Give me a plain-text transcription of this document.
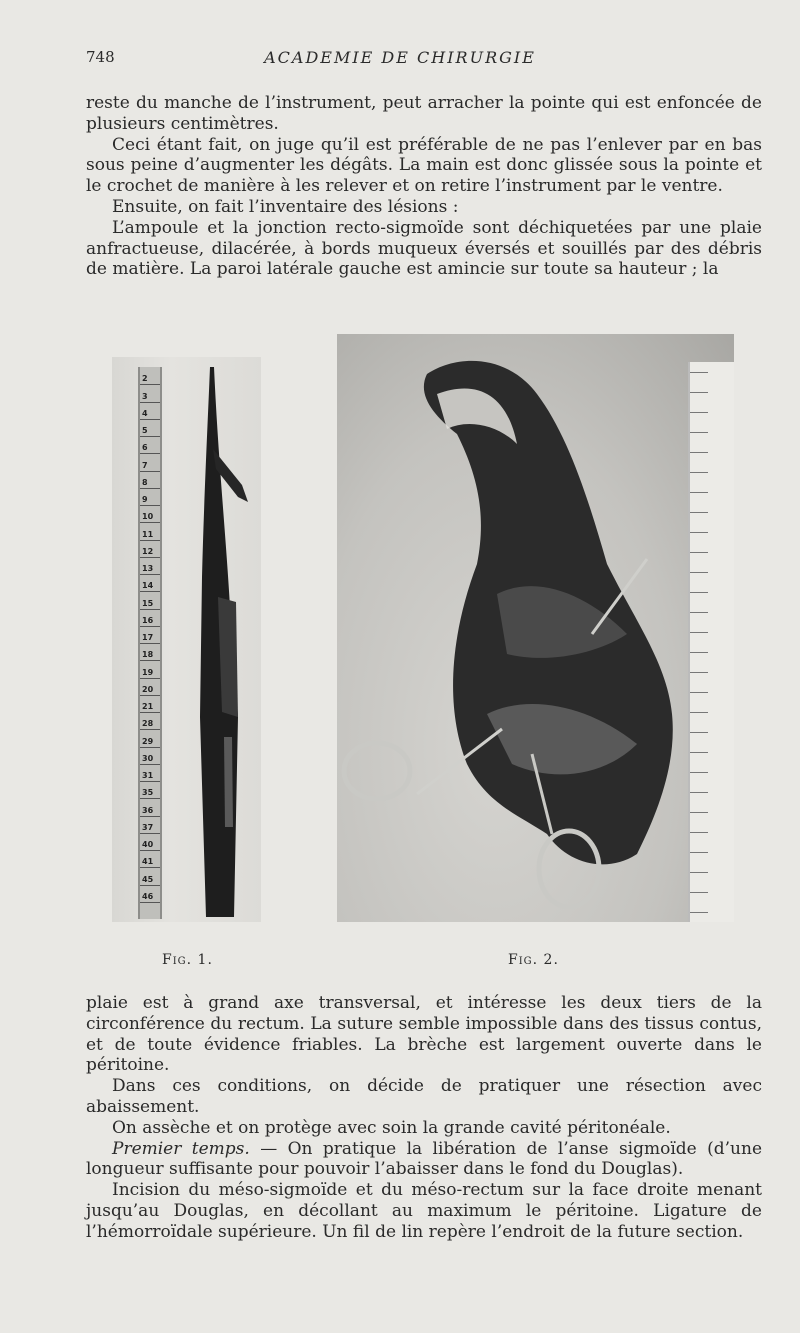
748	ACADEMIE DE CHIRURGIE

reste du manche de l’instrument, peut arracher la pointe qui est enfoncée de plusieurs centimètres.

Ceci étant fait, on juge qu’il est préférable de ne pas l’enlever par en bas sous peine d’augmenter les dégâts. La main est donc glissée sous la pointe et le crochet de manière à les relever et on retire l’instrument par le ventre.

Ensuite, on fait l’inventaire des lésions :

L’ampoule et la jonction recto-sigmoïde sont déchiquetées par une plaie anfractueuse, dilacérée, à bords muqueux éversés et souillés par des débris de matière. La paroi latérale gauche est amincie sur toute sa hauteur ; la

2
3
4
5
6
7
8
9
10
11
12
13
14
15
16
17
18
19
20
21
28
29
30
31
35
36
37
40
41
45
46
Fig. 1.	Fig. 2.

plaie est à grand axe transversal, et intéresse les deux tiers de la circonférence du rectum. La suture semble impossible dans des tissus contus, et de toute évidence friables. La brèche est largement ouverte dans le péritoine.

Dans ces conditions, on décide de pratiquer une résection avec abaissement.

On assèche et on protège avec soin la grande cavité péritonéale.

Premier temps. — On pratique la libération de l’anse sigmoïde (d’une longueur suffisante pour pouvoir l’abaisser dans le fond du Douglas).

Incision du méso-sigmoïde et du méso-rectum sur la face droite menant jusqu’au Douglas, en décollant au maximum le péritoine. Ligature de l’hémorroïdale supérieure. Un fil de lin repère l’endroit de la future section.
